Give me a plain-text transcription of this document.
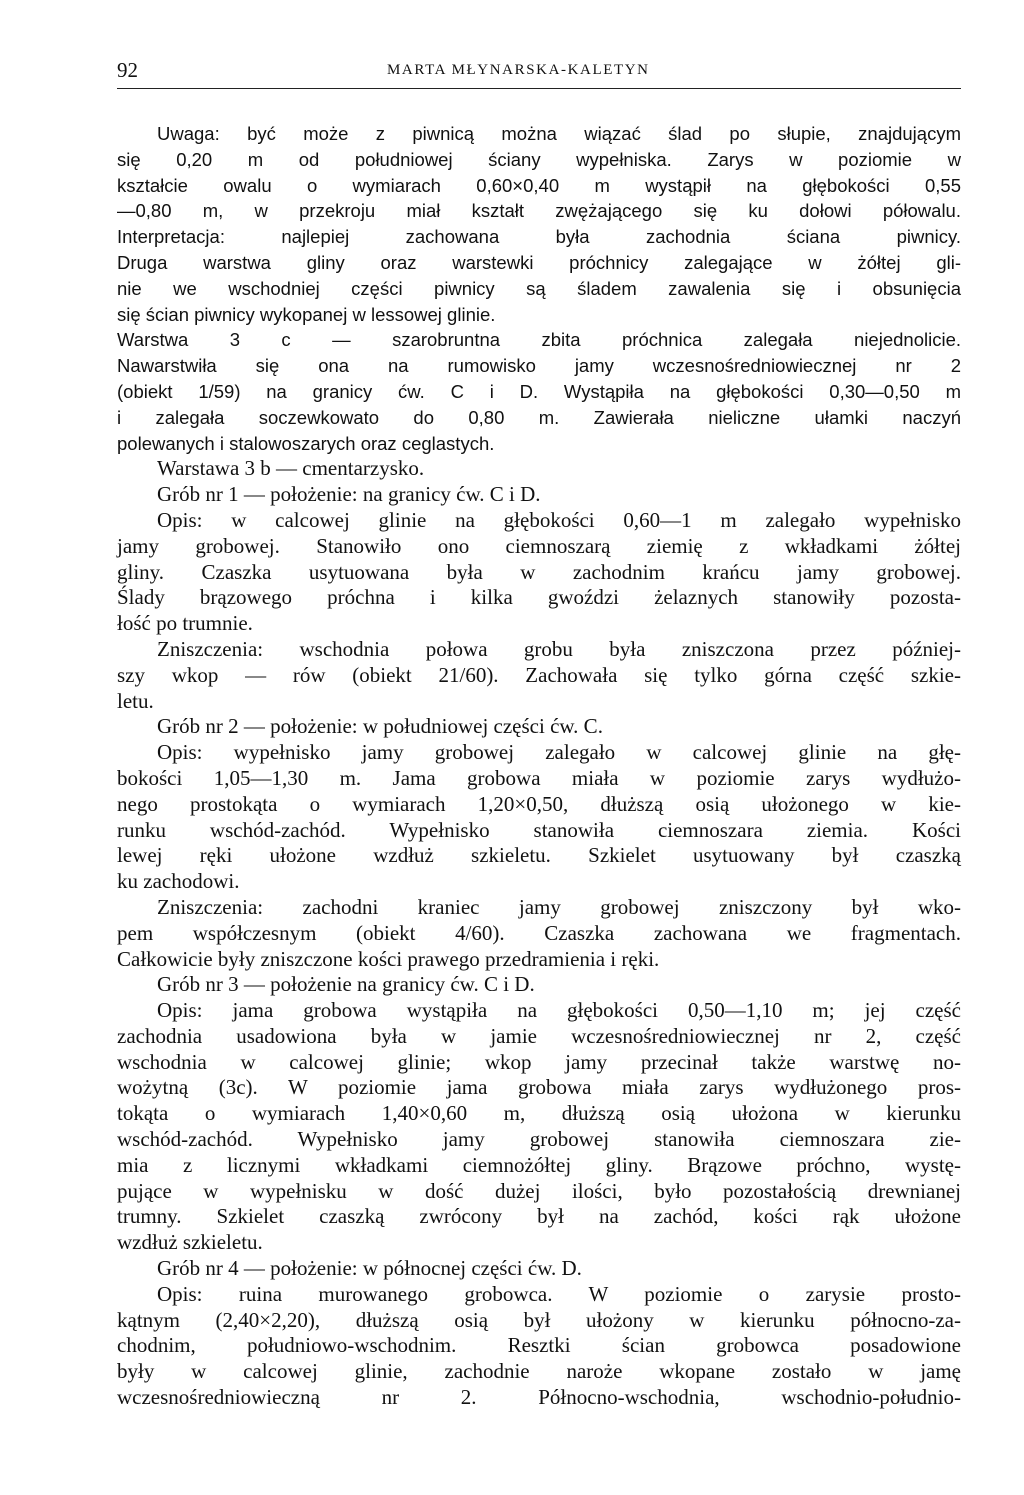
92	MARTA MŁYNARSKA-KALETYN
Uwaga: być może z piwnicą można wiązać ślad po słupie, znajdującym
się 0,20 m od południowej ściany wypełniska. Zarys w poziomie w
kształcie owalu o wymiarach 0,60×0,40 m wystąpił na głębokości 0,55
—0,80 m, w przekroju miał kształt zwężającego się ku dołowi półowalu.
Interpretacja: najlepiej zachowana była zachodnia ściana piwnicy.
Druga warstwa gliny oraz warstewki próchnicy zalegające w żółtej gli-
nie we wschodniej części piwnicy są śladem zawalenia się i obsunięcia
się ścian piwnicy wykopanej w lessowej glinie.
Warstwa 3 c — szarobruntna zbita próchnica zalegała niejednolicie.
Nawarstwiła się ona na rumowisko jamy wczesnośredniowiecznej nr 2
(obiekt 1/59) na granicy ćw. C i D. Wystąpiła na głębokości 0,30—0,50 m
i zalegała soczewkowato do 0,80 m. Zawierała nieliczne ułamki naczyń
polewanych i stalowoszarych oraz ceglastych.
Warstawa 3 b — cmentarzysko.
Grób nr 1 — położenie: na granicy ćw. C i D.
Opis: w calcowej glinie na głębokości 0,60—1 m zalegało wypełnisko
jamy grobowej. Stanowiło ono ciemnoszarą ziemię z wkładkami żółtej
gliny. Czaszka usytuowana była w zachodnim krańcu jamy grobowej.
Ślady brązowego próchna i kilka gwoździ żelaznych stanowiły pozosta-
łość po trumnie.
Zniszczenia: wschodnia połowa grobu była zniszczona przez później-
szy wkop — rów (obiekt 21/60). Zachowała się tylko górna część szkie-
letu.
Grób nr 2 — położenie: w południowej części ćw. C.
Opis: wypełnisko jamy grobowej zalegało w calcowej glinie na głę-
bokości 1,05—1,30 m. Jama grobowa miała w poziomie zarys wydłużo-
nego prostokąta o wymiarach 1,20×0,50, dłuższą osią ułożonego w kie-
runku wschód-zachód. Wypełnisko stanowiła ciemnoszara ziemia. Kości
lewej ręki ułożone wzdłuż szkieletu. Szkielet usytuowany był czaszką
ku zachodowi.
Zniszczenia: zachodni kraniec jamy grobowej zniszczony był wko-
pem współczesnym (obiekt 4/60). Czaszka zachowana we fragmentach.
Całkowicie były zniszczone kości prawego przedramienia i ręki.
Grób nr 3 — położenie na granicy ćw. C i D.
Opis: jama grobowa wystąpiła na głębokości 0,50—1,10 m; jej część
zachodnia usadowiona była w jamie wczesnośredniowiecznej nr 2, część
wschodnia w calcowej glinie; wkop jamy przecinał także warstwę no-
wożytną (3c). W poziomie jama grobowa miała zarys wydłużonego pros-
tokąta o wymiarach 1,40×0,60 m, dłuższą osią ułożona w kierunku
wschód-zachód. Wypełnisko jamy grobowej stanowiła ciemnoszara zie-
mia z licznymi wkładkami ciemnożółtej gliny. Brązowe próchno, wystę-
pujące w wypełnisku w dość dużej ilości, było pozostałością drewnianej
trumny. Szkielet czaszką zwrócony był na zachód, kości rąk ułożone
wzdłuż szkieletu.
Grób nr 4 — położenie: w północnej części ćw. D.
Opis: ruina murowanego grobowca. W poziomie o zarysie prosto-
kątnym (2,40×2,20), dłuższą osią był ułożony w kierunku północno-za-
chodnim, południowo-wschodnim. Resztki ścian grobowca posadowione
były w calcowej glinie, zachodnie naroże wkopane zostało w jamę
wczesnośredniowieczną nr 2. Północno-wschodnia, wschodnio-południo-
